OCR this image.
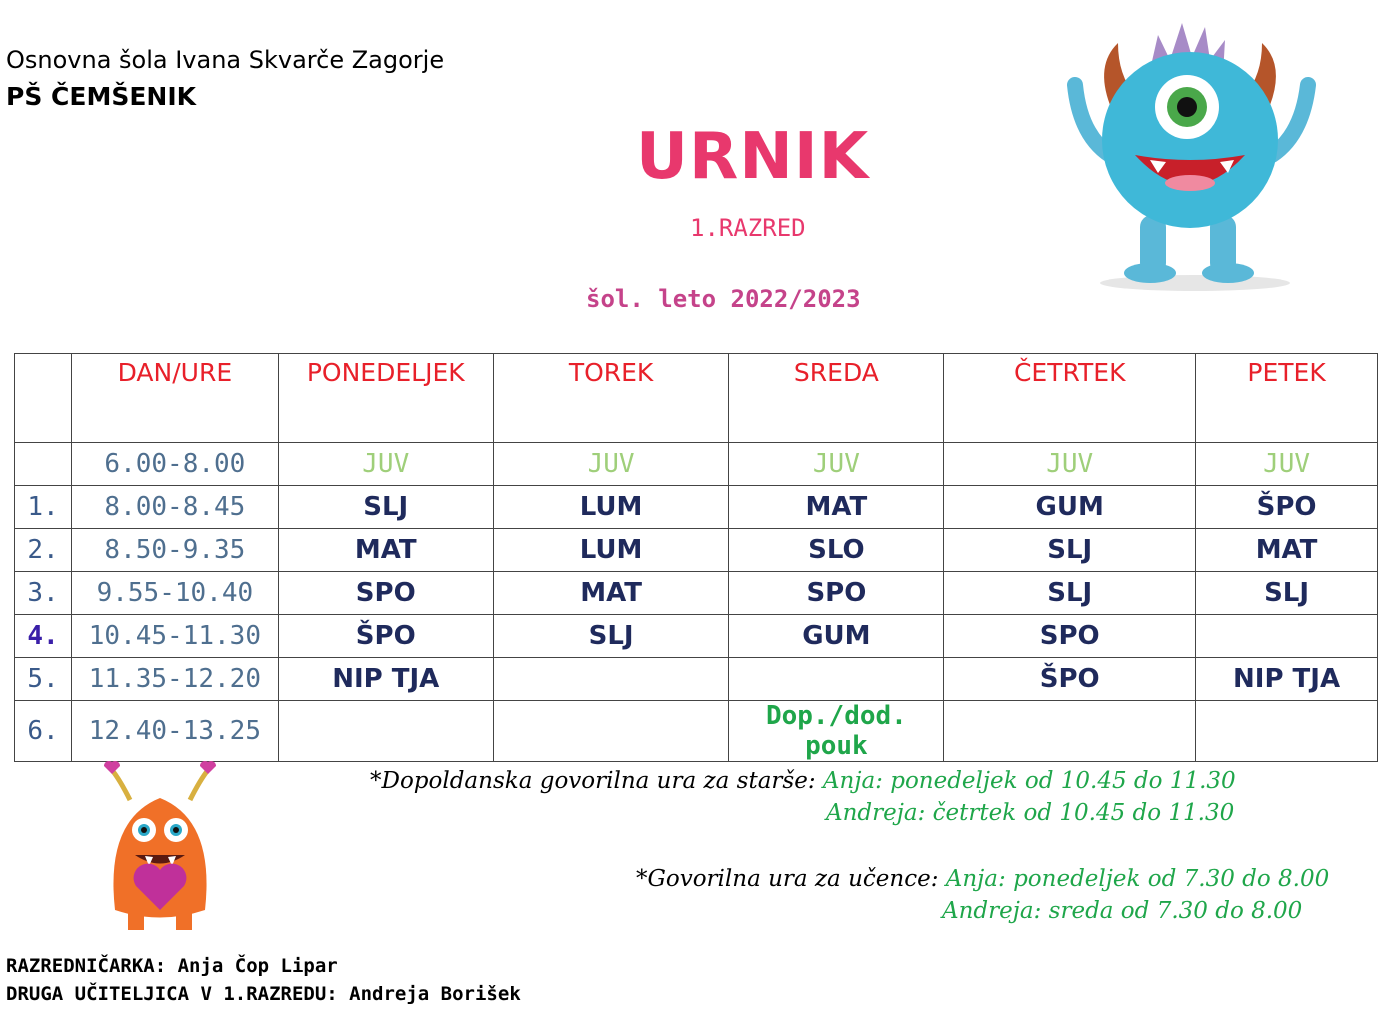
Osnovna šola Ivana Skvarče Zagorje
PŠ ČEMŠENIK
URNIK
1.RAZRED
šol. leto 2022/2023
	DAN/URE	PONEDELJEK	TOREK	SREDA	ČETRTEK	PETEK
	6.00-8.00	JUV	JUV	JUV	JUV	JUV
1.	8.00-8.45	SLJ	LUM	MAT	GUM	ŠPO
2.	8.50-9.35	MAT	LUM	SLO	SLJ	MAT
3.	9.55-10.40	SPO	MAT	SPO	SLJ	SLJ
4.	10.45-11.30	ŠPO	SLJ	GUM	SPO	
5.	11.35-12.20	NIP TJA			ŠPO	NIP TJA
6.	12.40-13.25			Dop./dod. pouk		
*Dopoldanska govorilna ura za starše: Anja: ponedeljek od 10.45 do 11.30
Andreja: četrtek od 10.45 do 11.30
*Govorilna ura za učence: Anja: ponedeljek od 7.30 do 8.00
Andreja: sreda od 7.30 do 8.00
RAZREDNIČARKA: Anja Čop Lipar
DRUGA UČITELJICA V 1.RAZREDU: Andreja Borišek
